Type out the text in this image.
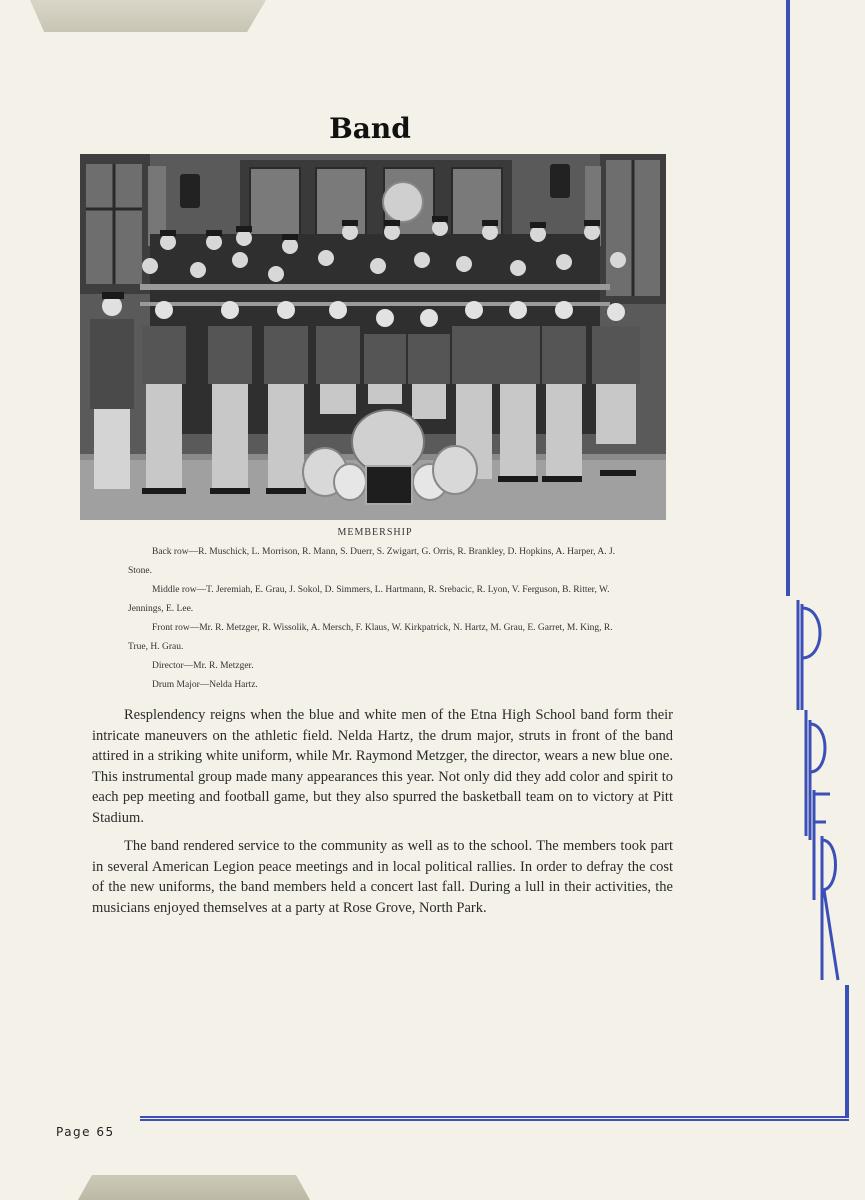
Band
MEMBERSHIP

Back row—R. Muschick, L. Morrison, R. Mann, S. Duerr, S. Zwigart, G. Orris, R. Brankley, D. Hopkins, A. Harper, A. J. Stone.

Middle row—T. Jeremiah, E. Grau, J. Sokol, D. Simmers, L. Hartmann, R. Srebacic, R. Lyon, V. Ferguson, B. Ritter, W. Jennings, E. Lee.

Front row—Mr. R. Metzger, R. Wissolik, A. Mersch, F. Klaus, W. Kirkpatrick, N. Hartz, M. Grau, E. Garret, M. King, R. True, H. Grau.

Director—Mr. R. Metzger.

Drum Major—Nelda Hartz.

Resplendency reigns when the blue and white men of the Etna High School band form their intricate maneuvers on the athletic field. Nelda Hartz, the drum major, struts in front of the band attired in a striking white uniform, while Mr. Raymond Metzger, the director, wears a new blue one. This instrumental group made many appearances this year. Not only did they add color and spirit to each pep meeting and football game, but they also spurred the basketball team on to victory at Pitt Stadium.

The band rendered service to the community as well as to the school. The members took part in several American Legion peace meetings and in local political rallies. In order to defray the cost of the new uniforms, the band members held a concert last fall. During a lull in their activities, the musicians enjoyed themselves at a party at Rose Grove, North Park.

Page 65
